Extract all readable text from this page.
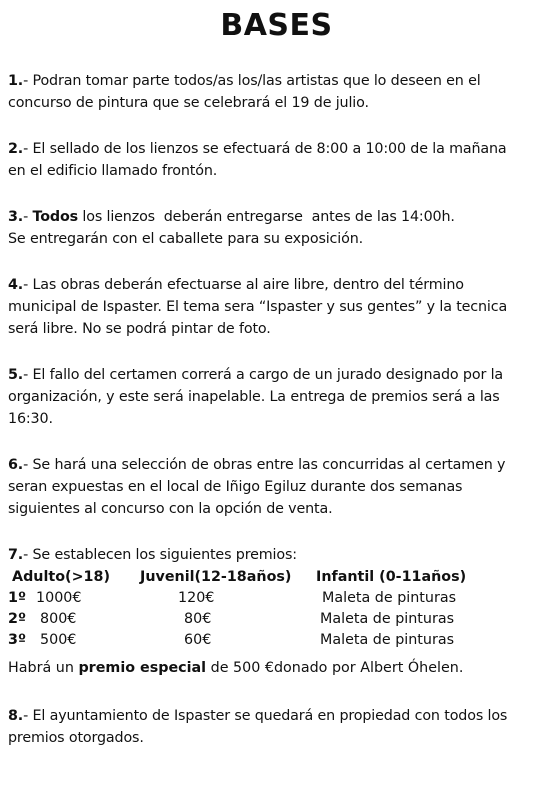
BASES

1.- Podran tomar parte todos/as los/las artistas que lo deseen en el

concurso de pintura que se celebrará el 19 de julio.

2.- El sellado de los lienzos se efectuará de 8:00 a 10:00 de la mañana

en el edificio llamado frontón.

3.- Todos los lienzos  deberán entregarse  antes de las 14:00h.

Se entregarán con el caballete para su exposición.

4.- Las obras deberán efectuarse al aire libre, dentro del término

municipal de Ispaster. El tema sera “Ispaster y sus gentes” y la tecnica

será libre. No se podrá pintar de foto.

5.- El fallo del certamen correrá a cargo de un jurado designado por la

organización, y este será inapelable. La entrega de premios será a las

16:30.

6.- Se hará una selección de obras entre las concurridas al certamen y

seran expuestas en el local de Iñigo Egiluz durante dos semanas

siguientes al concurso con la opción de venta.

7.- Se establecen los siguientes premios:

Adulto(>18) Juvenil(12-18años) Infantil (0-11años)
1º 1000€	120€	Maleta de pinturas
2º 800€	80€	Maleta de pinturas
3º 500€	60€	Maleta de pinturas
Habrá un premio especial de 500 €donado por Albert Óhelen.

8.- El ayuntamiento de Ispaster se quedará en propiedad con todos los

premios otorgados.
